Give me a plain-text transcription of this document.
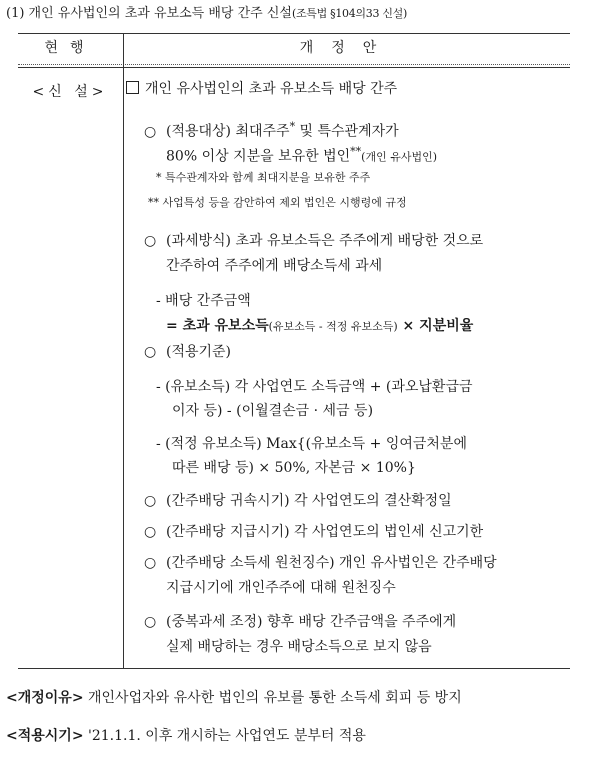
(1) 개인 유사법인의 초과 유보소득 배당 간주 신설(조특법 §104의33 신설)
현행	개정안
<신 설>	개인 유사법인의 초과 유보소득 배당 간주
○ (적용대상) 최대주주* 및 특수관계자가
80% 이상 지분을 보유한 법인**(개인 유사법인)
* 특수관계자와 함께 최대지분을 보유한 주주
** 사업특성 등을 감안하여 제외 법인은 시행령에 규정
○ (과세방식) 초과 유보소득은 주주에게 배당한 것으로
간주하여 주주에게 배당소득세 과세
- 배당 간주금액
= 초과 유보소득(유보소득 - 적정 유보소득) × 지분비율
○ (적용기준)
- (유보소득) 각 사업연도 소득금액 + (과오납환급금
이자 등) - (이월결손금 · 세금 등)
- (적정 유보소득) Max{(유보소득 + 잉여금처분에
따른 배당 등) × 50%, 자본금 × 10%}
○ (간주배당 귀속시기) 각 사업연도의 결산확정일
○ (간주배당 지급시기) 각 사업연도의 법인세 신고기한
○ (간주배당 소득세 원천징수) 개인 유사법인은 간주배당
지급시기에 개인주주에 대해 원천징수
○ (중복과세 조정) 향후 배당 간주금액을 주주에게
실제 배당하는 경우 배당소득으로 보지 않음
<개정이유> 개인사업자와 유사한 법인의 유보를 통한 소득세 회피 등 방지
<적용시기> '21.1.1. 이후 개시하는 사업연도 분부터 적용
